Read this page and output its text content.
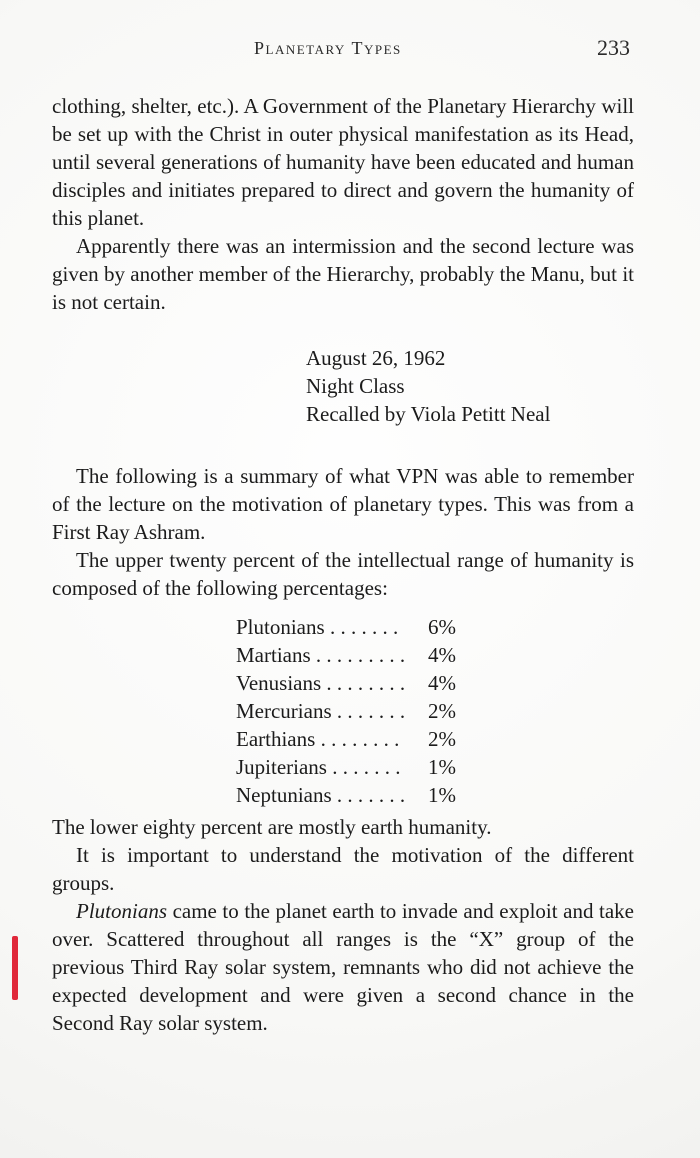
Planetary Types	233

clothing, shelter, etc.). A Government of the Planetary Hierarchy will be set up with the Christ in outer physical manifestation as its Head, until several generations of humanity have been educated and human disciples and initiates prepared to direct and govern the humanity of this planet.

Apparently there was an intermission and the second lecture was given by another member of the Hierarchy, probably the Manu, but it is not certain.

August 26, 1962
Night Class
Recalled by Viola Petitt Neal

The following is a summary of what VPN was able to remember of the lecture on the motivation of planetary types. This was from a First Ray Ashram.

The upper twenty percent of the intellectual range of humanity is composed of the following percentages:

Plutonians . . .	6%
Martians . . .	4%
Venusians . . .	4%
Mercurians . . .	2%
Earthians . . .	2%
Jupiterians . . .	1%
Neptunians . . .	1%

The lower eighty percent are mostly earth humanity.

It is important to understand the motivation of the different groups.

Plutonians came to the planet earth to invade and exploit and take over. Scattered throughout all ranges is the “X” group of the previous Third Ray solar system, remnants who did not achieve the expected development and were given a second chance in the Second Ray solar system.
